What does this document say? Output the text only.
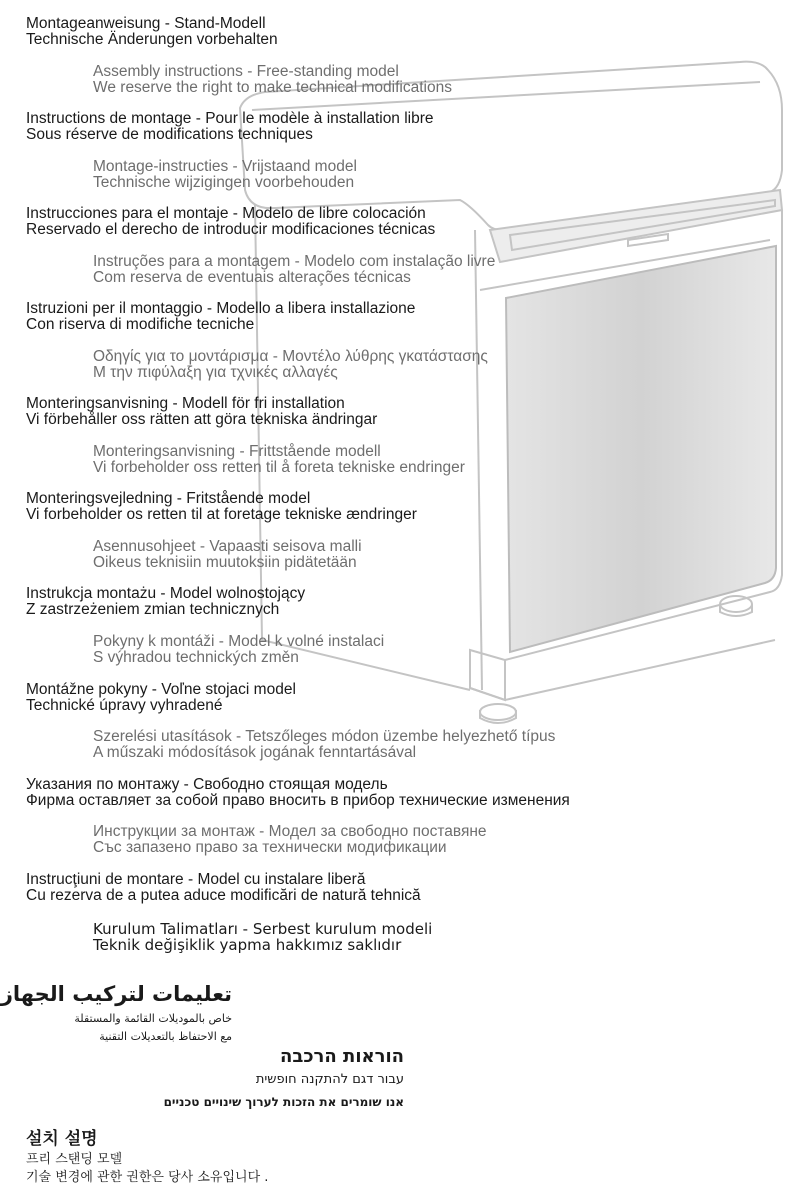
Montageanweisung - Stand-Modell
Technische Änderungen vorbehalten
Assembly instructions - Free-standing model
We reserve the right to make technical modifications
Instructions de montage - Pour le modèle à installation libre
Sous réserve de modifications techniques
Montage-instructies - Vrijstaand model
Technische wijzigingen voorbehouden
Instrucciones para el montaje - Modelo de libre colocación
Reservado el derecho de introducir modificaciones técnicas
Instruções para a montagem - Modelo com instalação livre
Com reserva de eventuais alterações técnicas
Istruzioni per il montaggio - Modello a libera installazione
Con riserva di modifiche tecniche
Οδηγίς για το μοντάρισμα - Μοντέλο λύθρης γκατάστασης
Μ την πιφύλαξη για τχνικές αλλαγές
Monteringsanvisning - Modell för fri installation
Vi förbehåller oss rätten att göra tekniska ändringar
Monteringsanvisning - Frittstående modell
Vi forbeholder oss retten til å foreta tekniske endringer
Monteringsvejledning - Fritstående model
Vi forbeholder os retten til at foretage tekniske ændringer
Asennusohjeet - Vapaasti seisova malli
Oikeus teknisiin muutoksiin pidätetään
Instrukcja montażu - Model wolnostojący
Z zastrzeżeniem zmian technicznych
Pokyny k montáži - Model k volné instalaci
S výhradou technických změn
Montážne pokyny - Voľne stojaci model
Technické úpravy vyhradené
Szerelési utasítások - Tetszőleges módon üzembe helyezhető típus
A műszaki módosítások jogának fenntartásával
Указания по монтажу - Свободно стоящая модель
Фирма оставляет за собой право вносить в прибор технические изменения
Инструкции за монтаж - Модел за свободно поставяне
Със запазено право за технически модификации
Instrucţiuni de montare - Model cu instalare liberă
Cu rezerva de a putea aduce modificări de natură tehnică
Kurulum Talimatları - Serbest kurulum modeli
Teknik değişiklik yapma hakkımız saklıdır
تعليمات لتركيب الجهاز
خاص بالموديلات القائمة والمستقلة
مع الاحتفاظ بالتعديلات التقنية
הוראות הרכבה
עבור דגם להתקנה חופשית
אנו שומרים את הזכות לערוך שינויים טכניים
설치 설명
프리 스탠딩 모델
기술 변경에 관한 권한은 당사 소유입니다 .
